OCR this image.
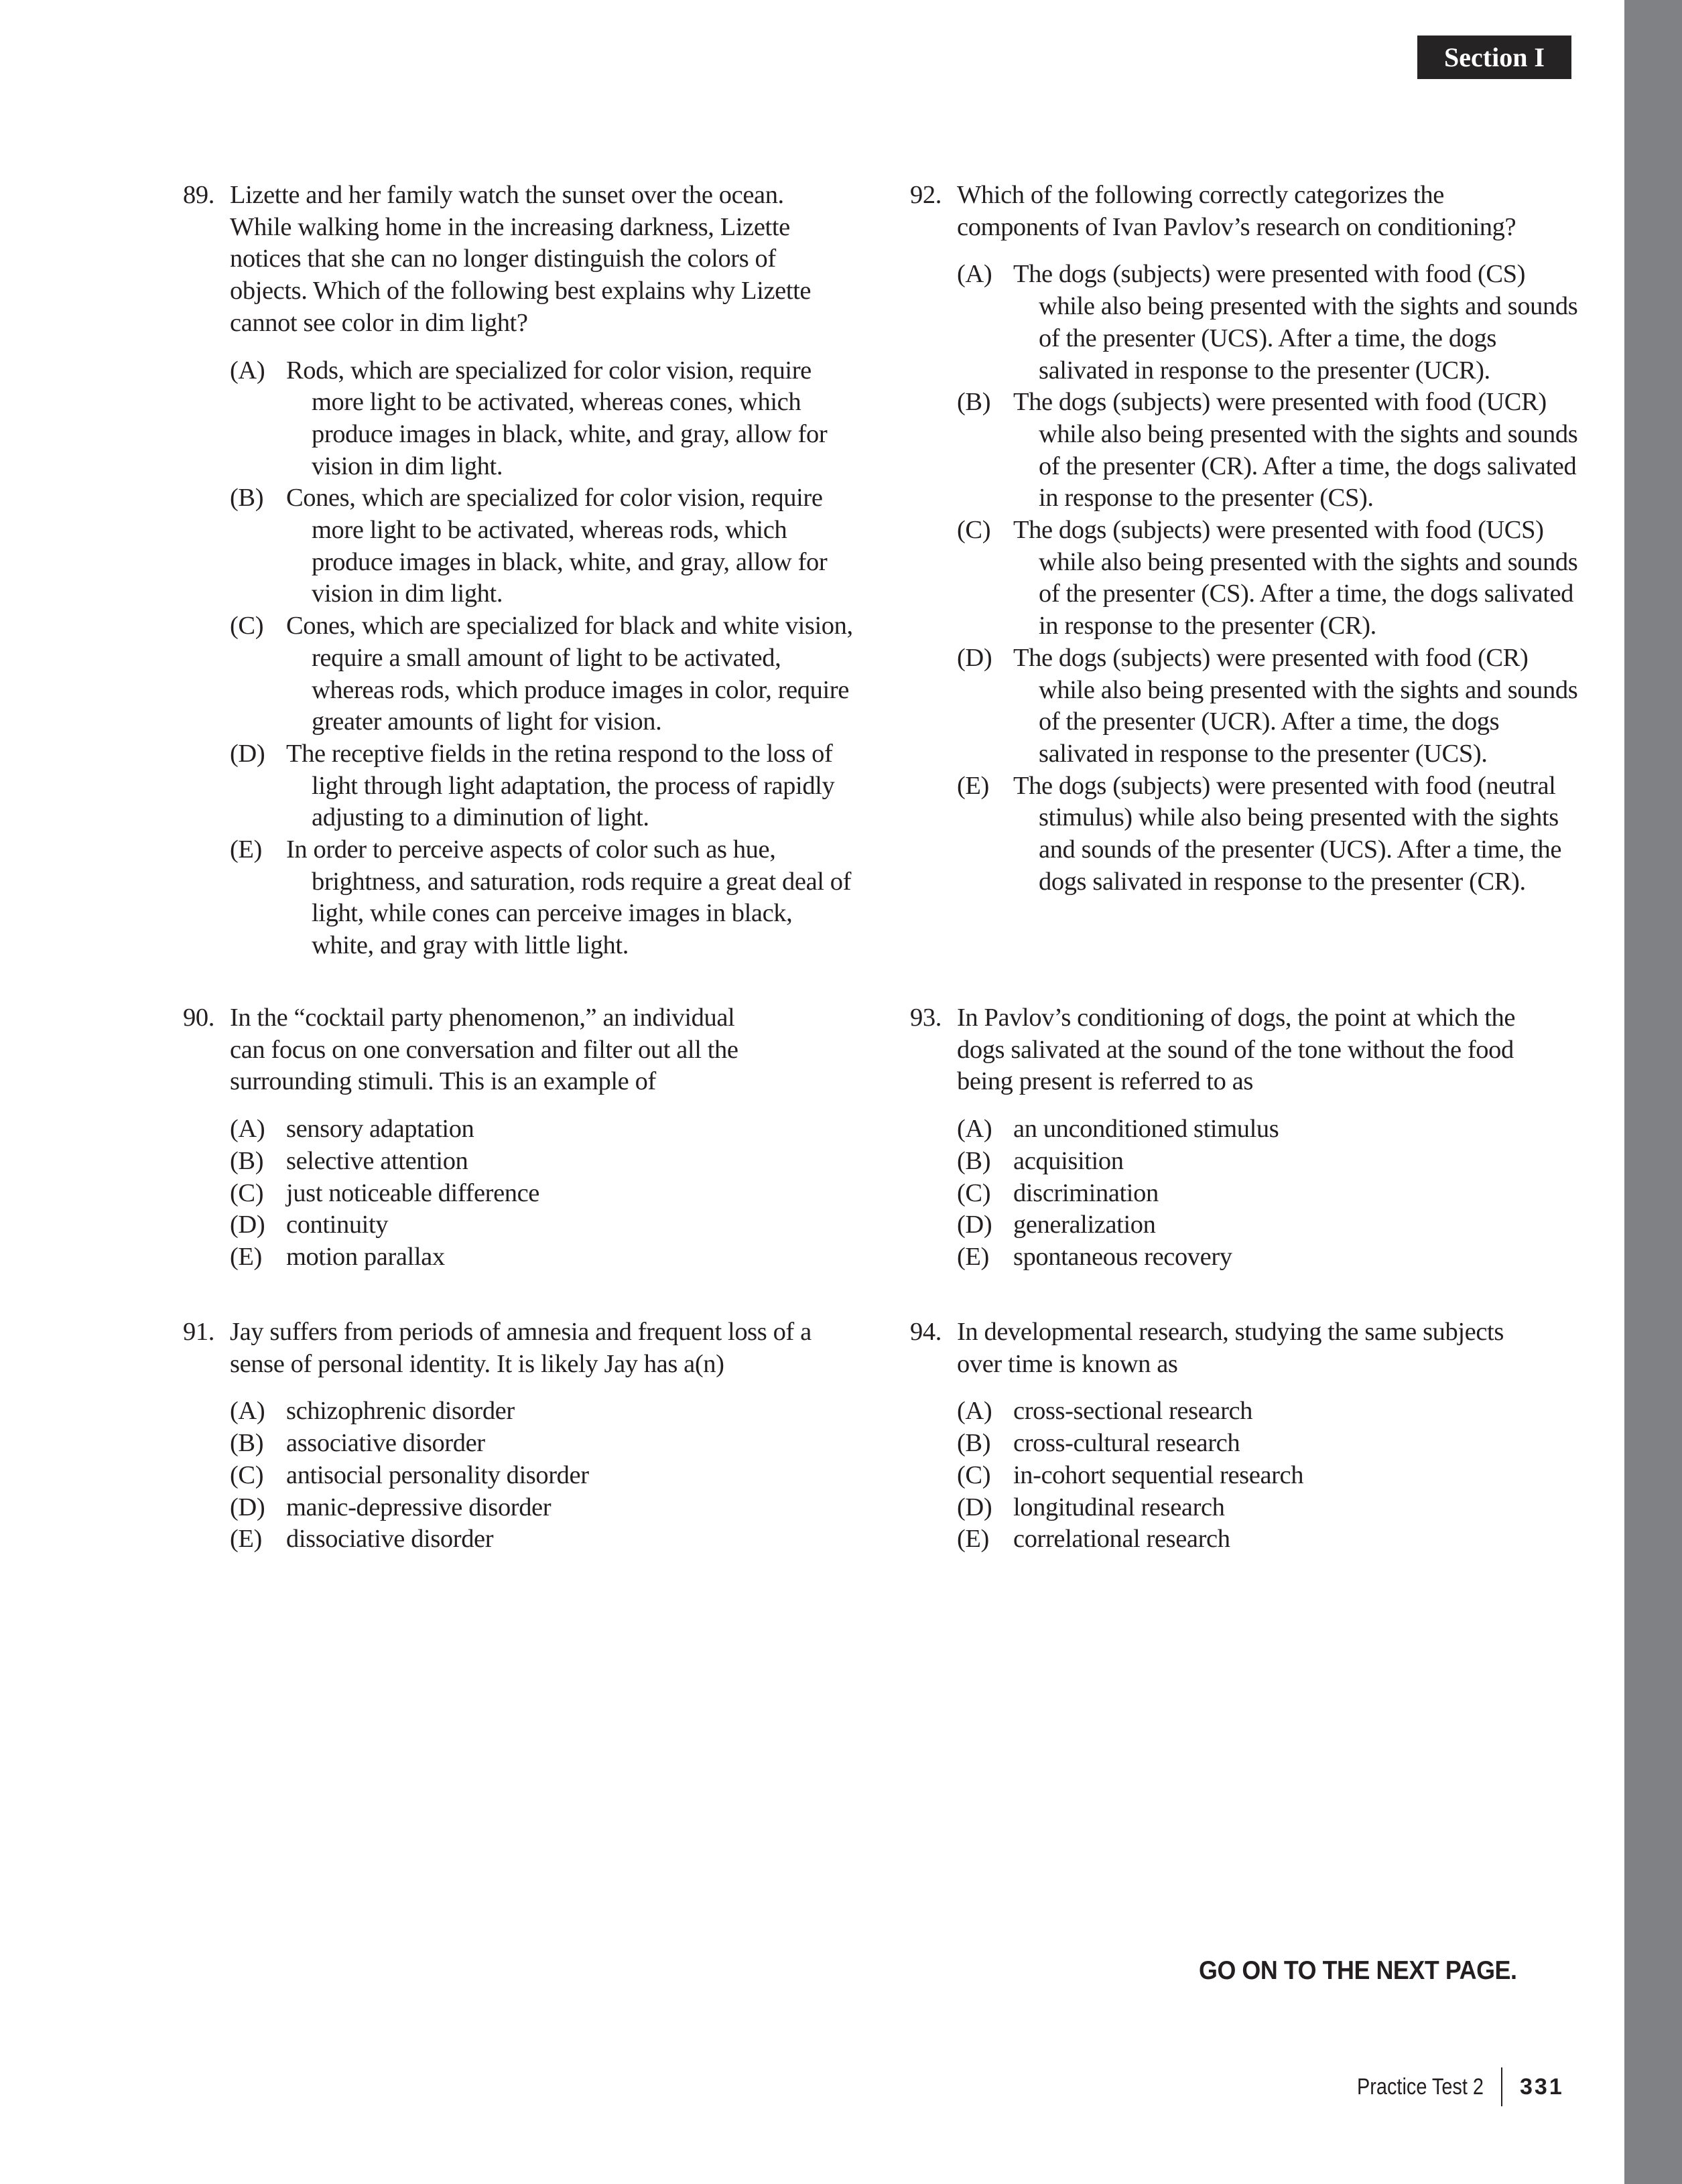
Section I
89. Lizette and her family watch the sunset over the ocean.
While walking home in the increasing darkness, Lizette
notices that she can no longer distinguish the colors of
objects. Which of the following best explains why Lizette
cannot see color in dim light?
(A) Rods, which are specialized for color vision, require more light to be activated, whereas cones, which produce images in black, white, and gray, allow for vision in dim light.
(B) Cones, which are specialized for color vision, require more light to be activated, whereas rods, which produce images in black, white, and gray, allow for vision in dim light.
(C) Cones, which are specialized for black and white vision, require a small amount of light to be activated, whereas rods, which produce images in color, require greater amounts of light for vision.
(D) The receptive fields in the retina respond to the loss of light through light adaptation, the process of rapidly adjusting to a diminution of light.
(E) In order to perceive aspects of color such as hue, brightness, and saturation, rods require a great deal of light, while cones can perceive images in black, white, and gray with little light.
90. In the “cocktail party phenomenon,” an individual
can focus on one conversation and filter out all the
surrounding stimuli. This is an example of
(A) sensory adaptation
(B) selective attention
(C) just noticeable difference
(D) continuity
(E) motion parallax
91. Jay suffers from periods of amnesia and frequent loss of a
sense of personal identity. It is likely Jay has a(n)
(A) schizophrenic disorder
(B) associative disorder
(C) antisocial personality disorder
(D) manic-depressive disorder
(E) dissociative disorder
92. Which of the following correctly categorizes the
components of Ivan Pavlov’s research on conditioning?
(A) The dogs (subjects) were presented with food (CS) while also being presented with the sights and sounds of the presenter (UCS). After a time, the dogs salivated in response to the presenter (UCR).
(B) The dogs (subjects) were presented with food (UCR) while also being presented with the sights and sounds of the presenter (CR). After a time, the dogs salivated in response to the presenter (CS).
(C) The dogs (subjects) were presented with food (UCS) while also being presented with the sights and sounds of the presenter (CS). After a time, the dogs salivated in response to the presenter (CR).
(D) The dogs (subjects) were presented with food (CR) while also being presented with the sights and sounds of the presenter (UCR). After a time, the dogs salivated in response to the presenter (UCS).
(E) The dogs (subjects) were presented with food (neutral stimulus) while also being presented with the sights and sounds of the presenter (UCS). After a time, the dogs salivated in response to the presenter (CR).
93. In Pavlov’s conditioning of dogs, the point at which the
dogs salivated at the sound of the tone without the food
being present is referred to as
(A) an unconditioned stimulus
(B) acquisition
(C) discrimination
(D) generalization
(E) spontaneous recovery
94. In developmental research, studying the same subjects
over time is known as
(A) cross-sectional research
(B) cross-cultural research
(C) in-cohort sequential research
(D) longitudinal research
(E) correlational research
GO ON TO THE NEXT PAGE.
Practice Test 2 331
